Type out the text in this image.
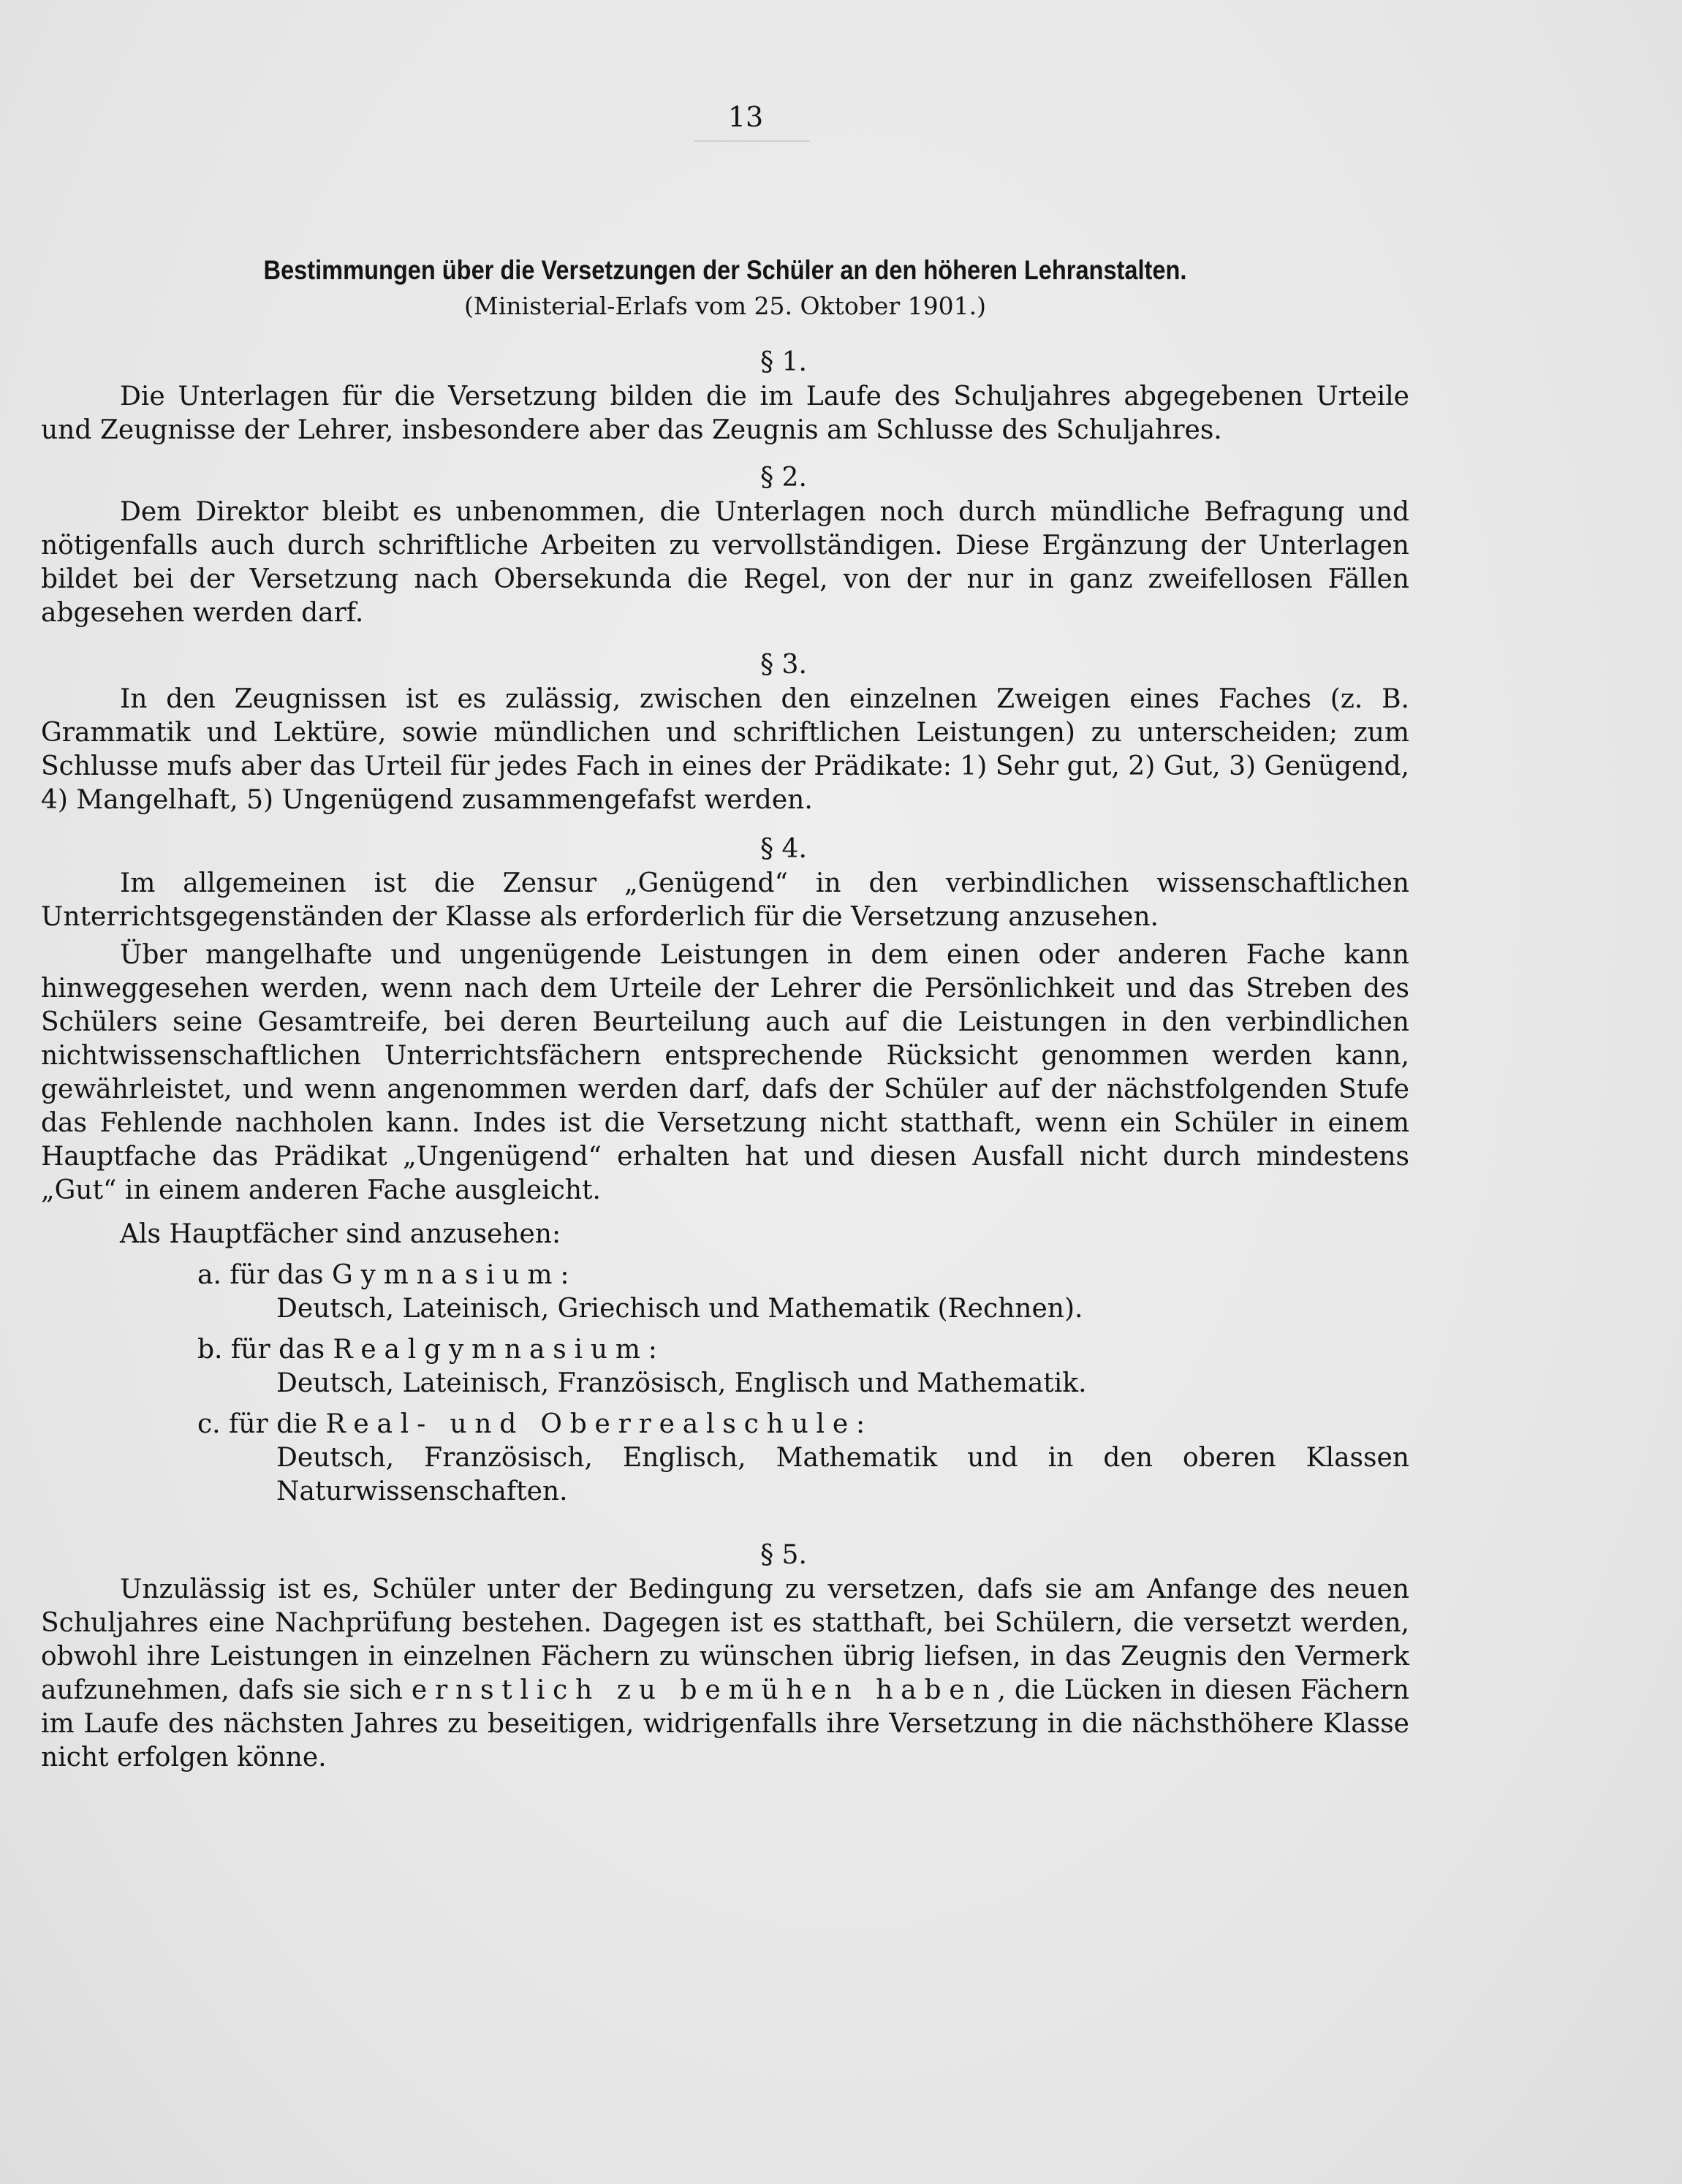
13
Bestimmungen über die Versetzungen der Schüler an den höheren Lehranstalten.
(Ministerial-Erlafs vom 25. Oktober 1901.)
§ 1.

Die Unterlagen für die Versetzung bilden die im Laufe des Schuljahres abgegebenen Urteile und Zeugnisse der Lehrer, insbesondere aber das Zeugnis am Schlusse des Schuljahres.

§ 2.

Dem Direktor bleibt es unbenommen, die Unterlagen noch durch mündliche Befragung und nötigenfalls auch durch schriftliche Arbeiten zu vervollständigen. Diese Ergänzung der Unterlagen bildet bei der Versetzung nach Obersekunda die Regel, von der nur in ganz zweifellosen Fällen abgesehen werden darf.

§ 3.

In den Zeugnissen ist es zulässig, zwischen den einzelnen Zweigen eines Faches (z. B. Grammatik und Lektüre, sowie mündlichen und schriftlichen Leistungen) zu unterscheiden; zum Schlusse mufs aber das Urteil für jedes Fach in eines der Prädikate: 1) Sehr gut, 2) Gut, 3) Genügend, 4) Mangelhaft, 5) Ungenügend zusammengefafst werden.

§ 4.

Im allgemeinen ist die Zensur „Genügend“ in den verbindlichen wissenschaftlichen Unterrichtsgegenständen der Klasse als erforderlich für die Versetzung anzusehen.

Über mangelhafte und ungenügende Leistungen in dem einen oder anderen Fache kann hinweggesehen werden, wenn nach dem Urteile der Lehrer die Persönlichkeit und das Streben des Schülers seine Gesamtreife, bei deren Beurteilung auch auf die Leistungen in den verbindlichen nichtwissenschaftlichen Unterrichtsfächern entsprechende Rücksicht genommen werden kann, gewährleistet, und wenn angenommen werden darf, dafs der Schüler auf der nächstfolgenden Stufe das Fehlende nachholen kann. Indes ist die Versetzung nicht statthaft, wenn ein Schüler in einem Hauptfache das Prädikat „Ungenügend“ erhalten hat und diesen Ausfall nicht durch mindestens „Gut“ in einem anderen Fache ausgleicht.

Als Hauptfächer sind anzusehen:

a. für das Gymnasium:
Deutsch, Lateinisch, Griechisch und Mathematik (Rechnen).
b. für das Realgymnasium:
Deutsch, Lateinisch, Französisch, Englisch und Mathematik.
c. für die Real- und Oberrealschule:
Deutsch, Französisch, Englisch, Mathematik und in den oberen Klassen Naturwissenschaften.
§ 5.

Unzulässig ist es, Schüler unter der Bedingung zu versetzen, dafs sie am Anfange des neuen Schuljahres eine Nachprüfung bestehen. Dagegen ist es statthaft, bei Schülern, die versetzt werden, obwohl ihre Leistungen in einzelnen Fächern zu wünschen übrig liefsen, in das Zeugnis den Vermerk aufzunehmen, dafs sie sich ernstlich zu bemühen haben, die Lücken in diesen Fächern im Laufe des nächsten Jahres zu beseitigen, widrigenfalls ihre Versetzung in die nächsthöhere Klasse nicht erfolgen könne.
